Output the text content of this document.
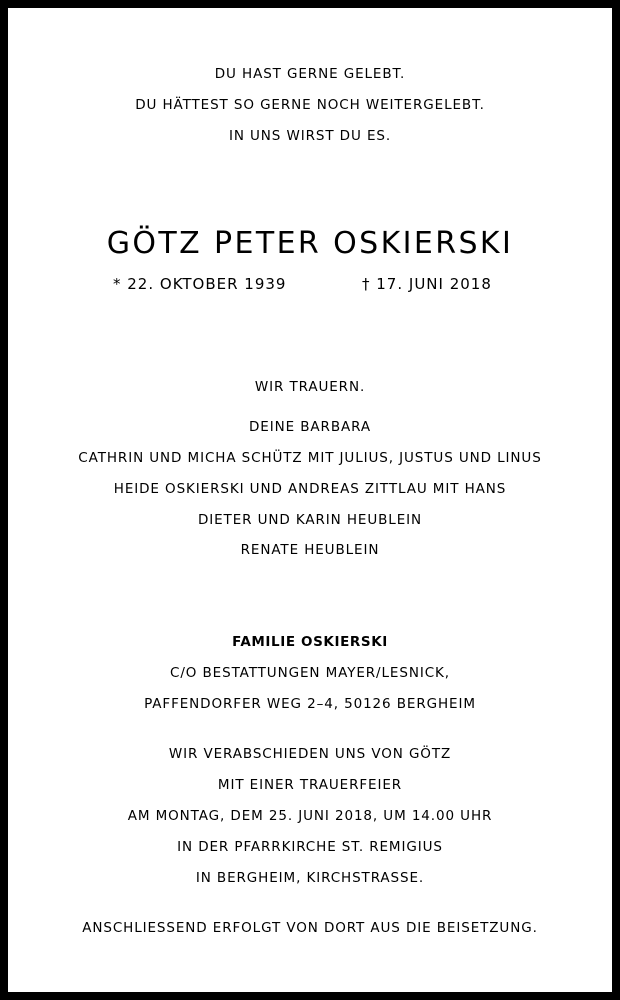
DU HAST GERNE GELEBT.
DU HÄTTEST SO GERNE NOCH WEITERGELEBT.
IN UNS WIRST DU ES.
GÖTZ PETER OSKIERSKI
* 22. OKTOBER 1939	† 17. JUNI 2018
WIR TRAUERN.
DEINE BARBARA
CATHRIN UND MICHA SCHÜTZ MIT JULIUS, JUSTUS UND LINUS
HEIDE OSKIERSKI UND ANDREAS ZITTLAU MIT HANS
DIETER UND KARIN HEUBLEIN
RENATE HEUBLEIN
FAMILIE OSKIERSKI
C/O BESTATTUNGEN MAYER/LESNICK,
PAFFENDORFER WEG 2–4, 50126 BERGHEIM
WIR VERABSCHIEDEN UNS VON GÖTZ
MIT EINER TRAUERFEIER
AM MONTAG, DEM 25. JUNI 2018, UM 14.00 UHR
IN DER PFARRKIRCHE ST. REMIGIUS
IN BERGHEIM, KIRCHSTRASSE.
ANSCHLIESSEND ERFOLGT VON DORT AUS DIE BEISETZUNG.
